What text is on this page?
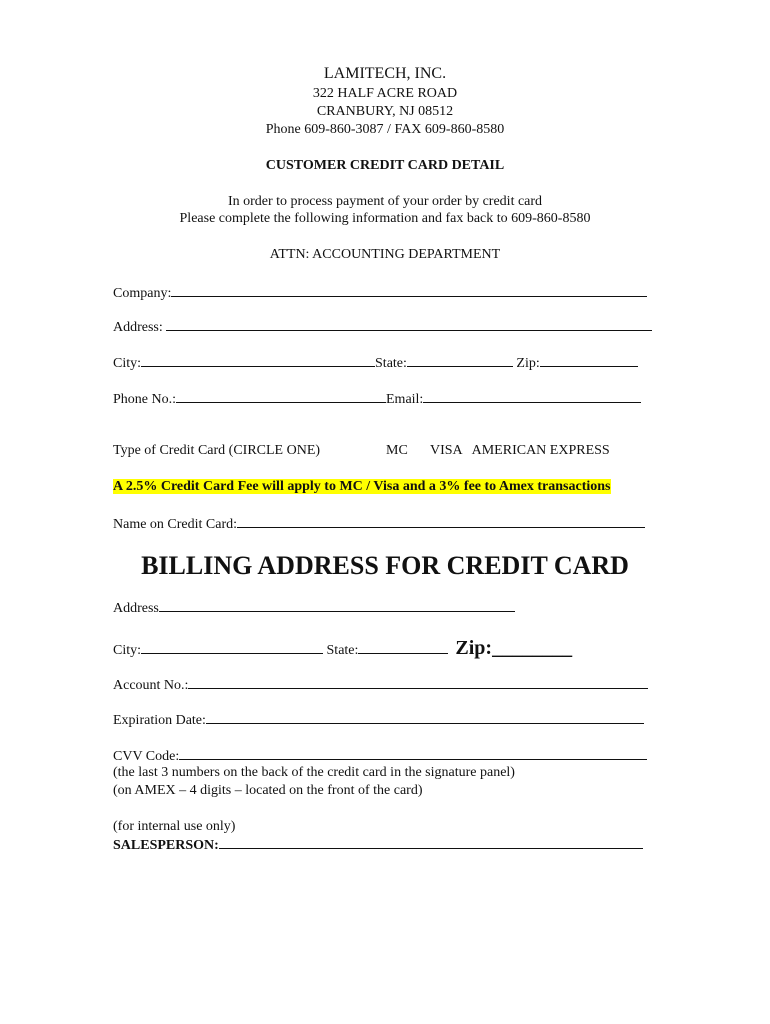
LAMITECH, INC.
322 HALF ACRE ROAD
CRANBURY, NJ 08512
Phone 609-860-3087 / FAX 609-860-8580
CUSTOMER CREDIT CARD DETAIL
In order to process payment of your order by credit card
Please complete the following information and fax back to 609-860-8580
ATTN: ACCOUNTING DEPARTMENT
Company:
Address:
City:	State:	Zip:
Phone No.:	Email:
Type of Credit Card (CIRCLE ONE)	MC VISA   AMERICAN EXPRESS
A 2.5% Credit Card Fee will apply to MC / Visa and a 3% fee to Amex transactions
Name on Credit Card:
BILLING ADDRESS FOR CREDIT CARD
Address
City:	State:	Zip:________
Account No.:
Expiration Date:
CVV Code:
(the last 3 numbers on the back of the credit card in the signature panel)
(on AMEX – 4 digits – located on the front of the card)
(for internal use only)
SALESPERSON:
